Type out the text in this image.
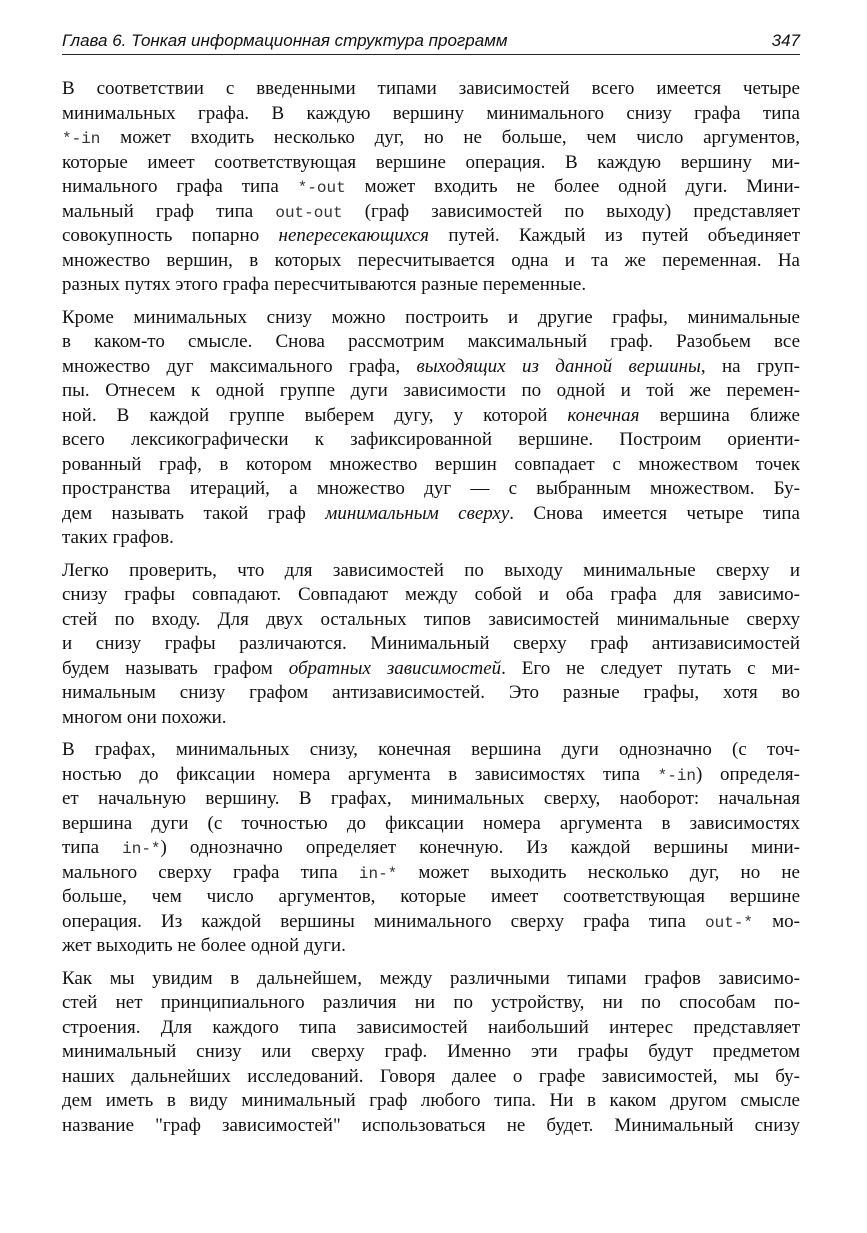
Глава 6. Тонкая информационная структура программ	347
В соответствии с введенными типами зависимостей всего имеется четыре
минимальных графа. В каждую вершину минимального снизу графа типа
*-in может входить несколько дуг, но не больше, чем число аргументов,
которые имеет соответствующая вершине операция. В каждую вершину ми-
нимального графа типа *-out может входить не более одной дуги. Мини-
мальный граф типа out-out (граф зависимостей по выходу) представляет
совокупность попарно непересекающихся путей. Каждый из путей объединяет
множество вершин, в которых пересчитывается одна и та же переменная. На
разных путях этого графа пересчитываются разные переменные.
Кроме минимальных снизу можно построить и другие графы, минимальные
в каком-то смысле. Снова рассмотрим максимальный граф. Разобьем все
множество дуг максимального графа, выходящих из данной вершины, на груп-
пы. Отнесем к одной группе дуги зависимости по одной и той же перемен-
ной. В каждой группе выберем дугу, у которой конечная вершина ближе
всего лексикографически к зафиксированной вершине. Построим ориенти-
рованный граф, в котором множество вершин совпадает с множеством точек
пространства итераций, а множество дуг — с выбранным множеством. Бу-
дем называть такой граф минимальным сверху. Снова имеется четыре типа
таких графов.
Легко проверить, что для зависимостей по выходу минимальные сверху и
снизу графы совпадают. Совпадают между собой и оба графа для зависимо-
стей по входу. Для двух остальных типов зависимостей минимальные сверху
и снизу графы различаются. Минимальный сверху граф антизависимостей
будем называть графом обратных зависимостей. Его не следует путать с ми-
нимальным снизу графом антизависимостей. Это разные графы, хотя во
многом они похожи.
В графах, минимальных снизу, конечная вершина дуги однозначно (с точ-
ностью до фиксации номера аргумента в зависимостях типа *-in) определя-
ет начальную вершину. В графах, минимальных сверху, наоборот: начальная
вершина дуги (с точностью до фиксации номера аргумента в зависимостях
типа in-*) однозначно определяет конечную. Из каждой вершины мини-
мального сверху графа типа in-* может выходить несколько дуг, но не
больше, чем число аргументов, которые имеет соответствующая вершине
операция. Из каждой вершины минимального сверху графа типа out-* мо-
жет выходить не более одной дуги.
Как мы увидим в дальнейшем, между различными типами графов зависимо-
стей нет принципиального различия ни по устройству, ни по способам по-
строения. Для каждого типа зависимостей наибольший интерес представляет
минимальный снизу или сверху граф. Именно эти графы будут предметом
наших дальнейших исследований. Говоря далее о графе зависимостей, мы бу-
дем иметь в виду минимальный граф любого типа. Ни в каком другом смысле
название "граф зависимостей" использоваться не будет. Минимальный снизу
